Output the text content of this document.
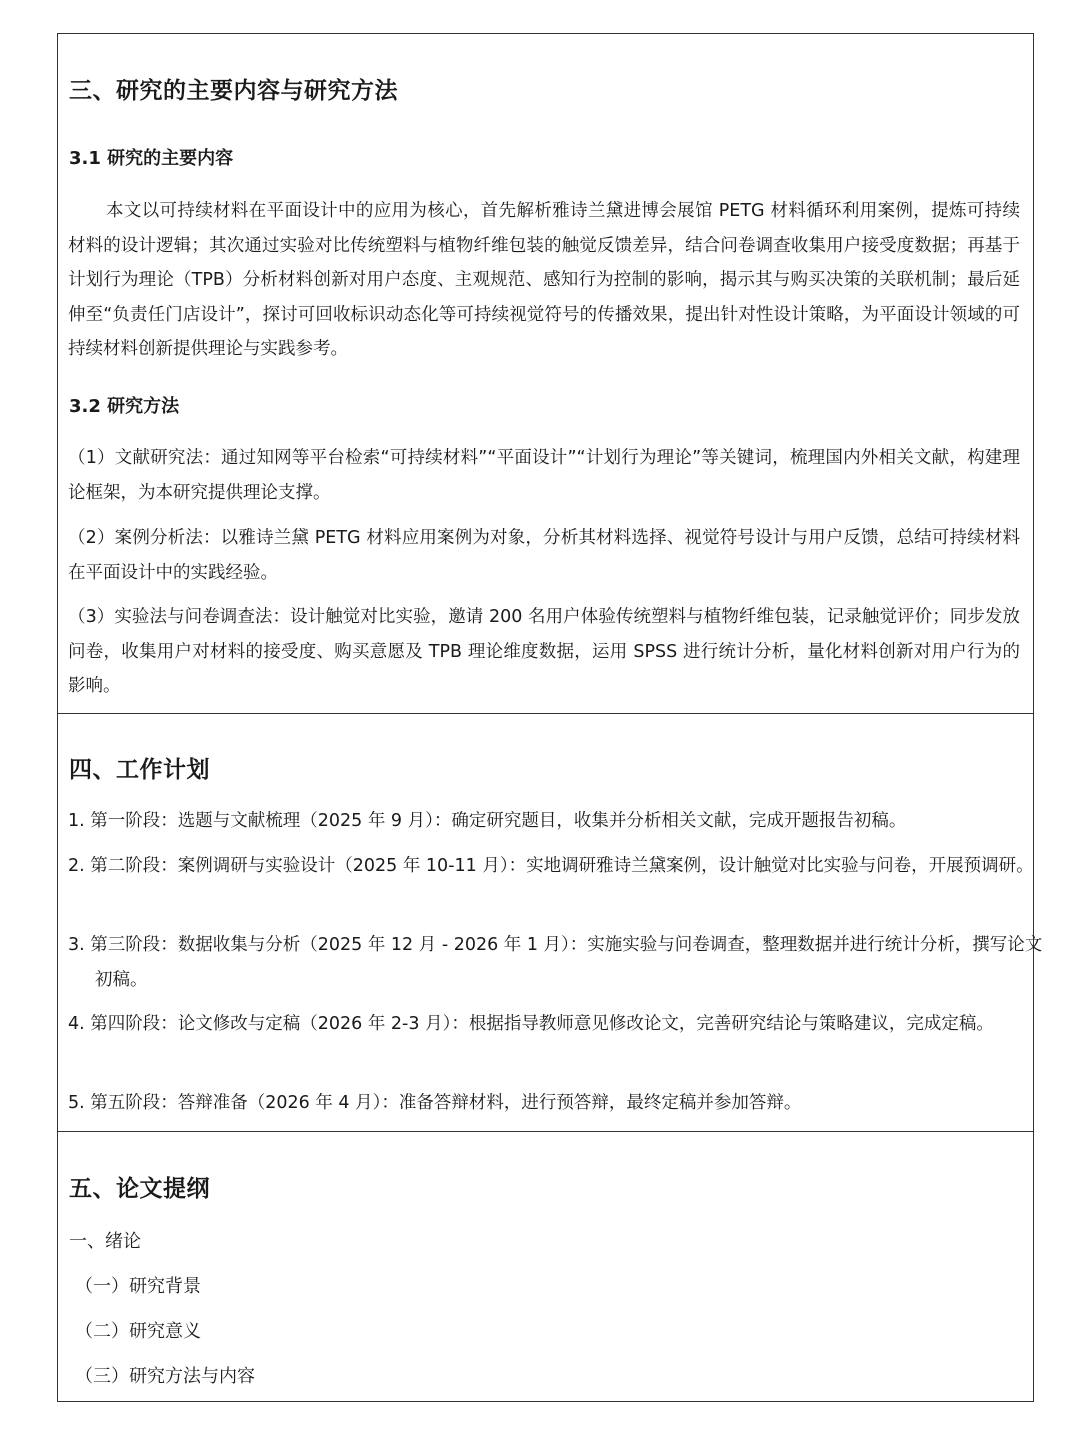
三、研究的主要内容与研究方法
3.1 研究的主要内容

本文以可持续材料在平面设计中的应用为核心，首先解析雅诗兰黛进博会展馆 PETG 材料循环利用案例，提炼可持续材料的设计逻辑；其次通过实验对比传统塑料与植物纤维包装的触觉反馈差异，结合问卷调查收集用户接受度数据；再基于计划行为理论（TPB）分析材料创新对用户态度、主观规范、感知行为控制的影响，揭示其与购买决策的关联机制；最后延伸至“负责任门店设计”，探讨可回收标识动态化等可持续视觉符号的传播效果，提出针对性设计策略，为平面设计领域的可持续材料创新提供理论与实践参考。

3.2 研究方法

（1）文献研究法：通过知网等平台检索“可持续材料”“平面设计”“计划行为理论”等关键词，梳理国内外相关文献，构建理论框架，为本研究提供理论支撑。

（2）案例分析法：以雅诗兰黛 PETG 材料应用案例为对象，分析其材料选择、视觉符号设计与用户反馈，总结可持续材料在平面设计中的实践经验。

（3）实验法与问卷调查法：设计触觉对比实验，邀请 200 名用户体验传统塑料与植物纤维包装，记录触觉评价；同步发放问卷，收集用户对材料的接受度、购买意愿及 TPB 理论维度数据，运用 SPSS 进行统计分析，量化材料创新对用户行为的影响。

四、工作计划

1. 第一阶段：选题与文献梳理（2025 年 9 月）：确定研究题目，收集并分析相关文献，完成开题报告初稿。

2. 第二阶段：案例调研与实验设计（2025 年 10-11 月）：实地调研雅诗兰黛案例，设计触觉对比实验与问卷，开展预调研。

3. 第三阶段：数据收集与分析（2025 年 12 月 - 2026 年 1 月）：实施实验与问卷调查，整理数据并进行统计分析，撰写论文初稿。

4. 第四阶段：论文修改与定稿（2026 年 2-3 月）：根据指导教师意见修改论文，完善研究结论与策略建议，完成定稿。

5. 第五阶段：答辩准备（2026 年 4 月）：准备答辩材料，进行预答辩，最终定稿并参加答辩。

五、论文提纲

一、绪论

（一）研究背景

（二）研究意义

（三）研究方法与内容
